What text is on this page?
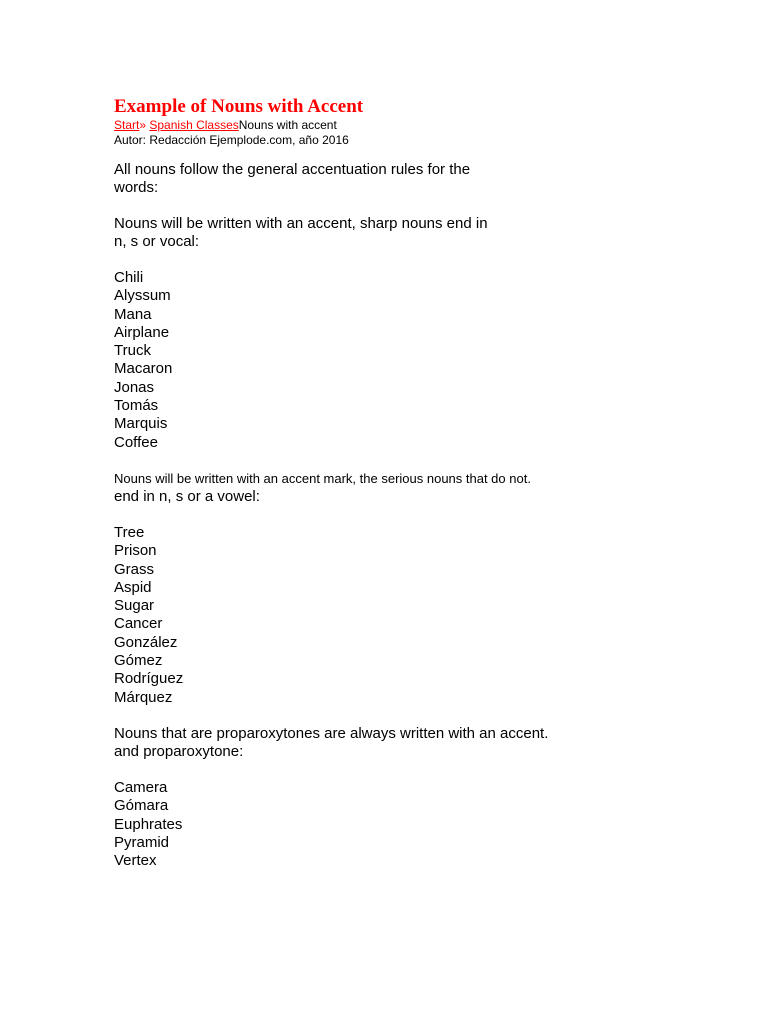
Example of Nouns with Accent

Start» Spanish ClassesNouns with accent

Autor: Redacción Ejemplode.com, año 2016

All nouns follow the general accentuation rules for the
words:

Nouns will be written with an accent, sharp nouns end in
n, s or vocal:

Chili
Alyssum
Mana
Airplane
Truck
Macaron
Jonas
Tomás
Marquis
Coffee

Nouns will be written with an accent mark, the serious nouns that do not.
end in n, s or a vowel:

Tree
Prison
Grass
Aspid
Sugar
Cancer
González
Gómez
Rodríguez
Márquez

Nouns that are proparoxytones are always written with an accent.
and proparoxytone:

Camera
Gómara
Euphrates
Pyramid
Vertex
